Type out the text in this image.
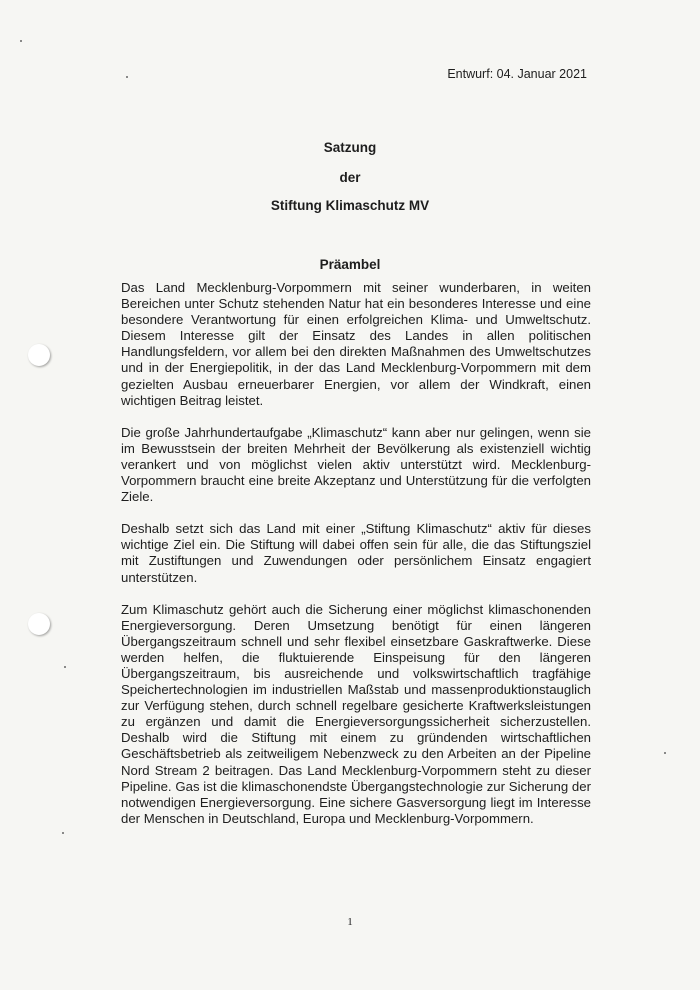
Entwurf: 04. Januar 2021
Satzung
der
Stiftung Klimaschutz MV
Präambel

Das Land Mecklenburg-Vorpommern mit seiner wunderbaren, in weiten Bereichen unter Schutz stehenden Natur hat ein besonderes Interesse und eine besondere Verantwortung für einen erfolgreichen Klima- und Umweltschutz. Diesem Interesse gilt der Einsatz des Landes in allen politischen Handlungsfeldern, vor allem bei den direkten Maßnahmen des Umweltschutzes und in der Energiepolitik, in der das Land Mecklenburg-Vorpommern mit dem gezielten Ausbau erneuerbarer Energien, vor allem der Windkraft, einen wichtigen Beitrag leistet.

Die große Jahrhundertaufgabe „Klimaschutz“ kann aber nur gelingen, wenn sie im Bewusstsein der breiten Mehrheit der Bevölkerung als existenziell wichtig verankert und von möglichst vielen aktiv unterstützt wird. Mecklenburg-Vorpommern braucht eine breite Akzeptanz und Unterstützung für die verfolgten Ziele.

Deshalb setzt sich das Land mit einer „Stiftung Klimaschutz“ aktiv für dieses wichtige Ziel ein. Die Stiftung will dabei offen sein für alle, die das Stiftungsziel mit Zustiftungen und Zuwendungen oder persönlichem Einsatz engagiert unterstützen.

Zum Klimaschutz gehört auch die Sicherung einer möglichst klimaschonenden Energieversorgung. Deren Umsetzung benötigt für einen längeren Übergangszeitraum schnell und sehr flexibel einsetzbare Gaskraftwerke. Diese werden helfen, die fluktuierende Einspeisung für den längeren Übergangszeitraum, bis ausreichende und volkswirtschaftlich tragfähige Speichertechnologien im industriellen Maßstab und massenproduktionstauglich zur Verfügung stehen, durch schnell regelbare gesicherte Kraftwerksleistungen zu ergänzen und damit die Energieversorgungssicherheit sicherzustellen. Deshalb wird die Stiftung mit einem zu gründenden wirtschaftlichen Geschäftsbetrieb als zeitweiligem Nebenzweck zu den Arbeiten an der Pipeline Nord Stream 2 beitragen. Das Land Mecklenburg-Vorpommern steht zu dieser Pipeline. Gas ist die klimaschonendste Übergangstechnologie zur Sicherung der notwendigen Energieversorgung. Eine sichere Gasversorgung liegt im Interesse der Menschen in Deutschland, Europa und Mecklenburg-Vorpommern.

1
